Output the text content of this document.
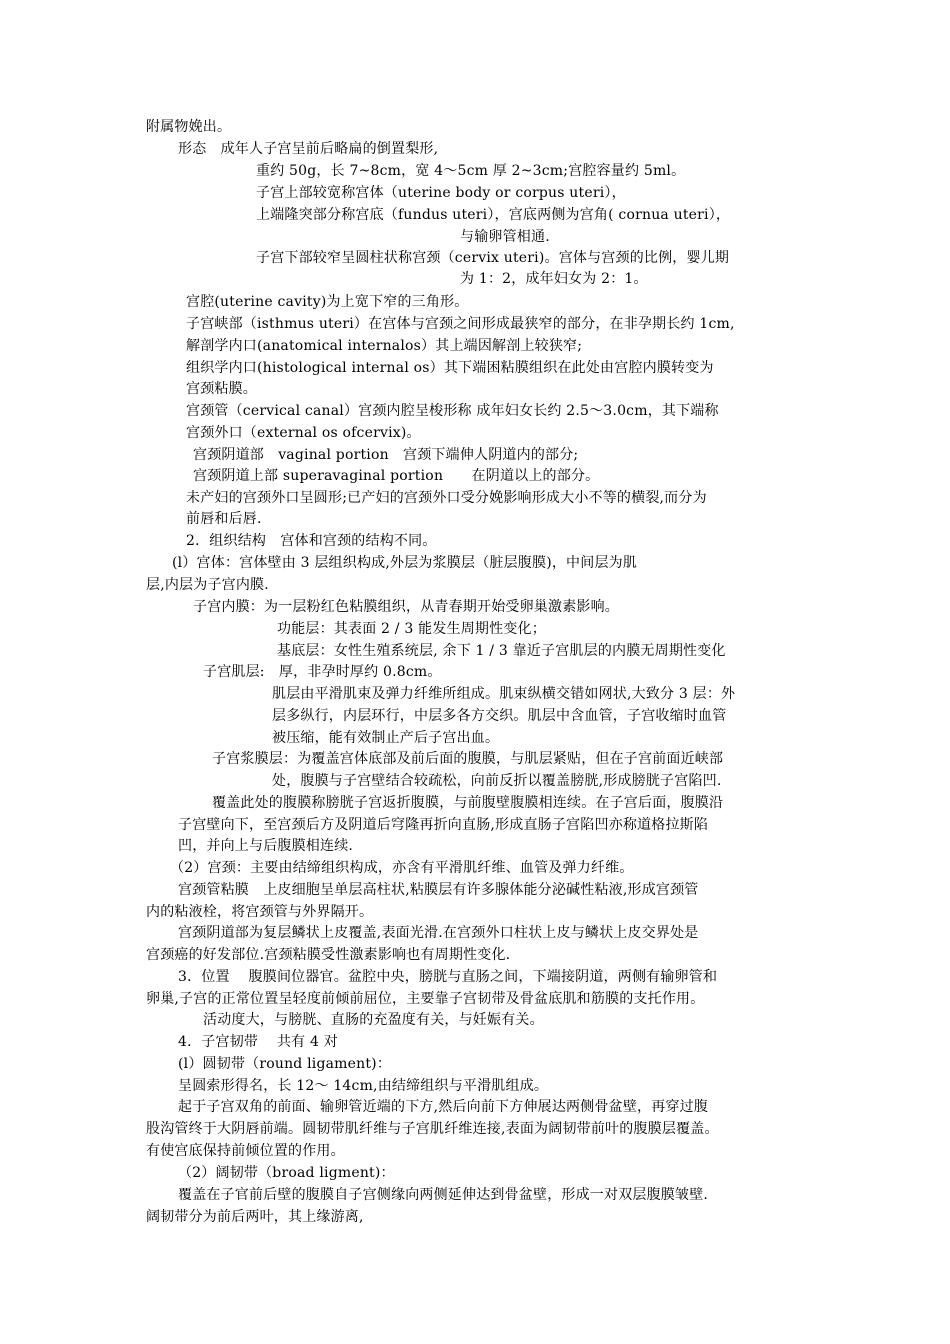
附属物娩出。
形态　成年人子宫呈前后略扁的倒置梨形,
重约 50g，长 7~8cm，宽 4～5cm 厚 2~3cm;宫腔容量约 5ml。
子宫上部较宽称宫体（uterine body or corpus uteri），
上端隆突部分称宫底（fundus uteri），宫底两侧为宫角( cornua uteri），
与输卵管相通.
子宫下部较窄呈圆柱状称宫颈（cervix uteri)。宫体与宫颈的比例，婴儿期
为 1：2，成年妇女为 2：1。
宫腔(uterine cavity)为上宽下窄的三角形。
子宫峡部（isthmus uteri）在宫体与宫颈之间形成最狭窄的部分，在非孕期长约 1cm,
解剖学内口(anatomical internalos）其上端因解剖上较狭窄;
组织学内口(histological internal os）其下端困粘膜组织在此处由宫腔内膜转变为
宫颈粘膜。
宫颈管（cervical canal）宫颈内腔呈梭形称 成年妇女长约 2.5～3.0cm，其下端称
宫颈外口（external os ofcervix)。
宫颈阴道部　vaginal portion　宫颈下端伸人阴道内的部分;
宫颈阴道上部 superavaginal portion　　在阴道以上的部分。
未产妇的宫颈外口呈圆形;已产妇的宫颈外口受分娩影响形成大小不等的横裂,而分为
前唇和后唇.
2．组织结构　宫体和宫颈的结构不同。
(l）宫体：宫体壁由 3 层组织构成,外层为浆膜层（脏层腹膜)，中间层为肌
层,内层为子宫内膜.
子宫内膜：为一层粉红色粘膜组织，从青春期开始受卵巢激素影响。
功能层：其表面 2 / 3 能发生周期性变化；
基底层：女性生殖系统层, 余下 1 / 3 靠近子宫肌层的内膜无周期性变化
子宫肌层:　厚，非孕时厚约 0.8cm。
肌层由平滑肌束及弹力纤维所组成。肌束纵横交错如网状,大致分 3 层：外
层多纵行，内层环行，中层多各方交织。肌层中含血管，子宫收缩时血管
被压缩，能有效制止产后子宫出血。
子宫浆膜层：为覆盖宫体底部及前后面的腹膜，与肌层紧贴，但在子宫前面近峡部
处，腹膜与子宫壁结合较疏松，向前反折以覆盖膀胱,形成膀胱子宫陷凹.
覆盖此处的腹膜称膀胱子宫返折腹膜，与前腹壁腹膜相连续。在子宫后面，腹膜沿
子宫壁向下，至宫颈后方及阴道后穹隆再折向直肠,形成直肠子宫陷凹亦称道格拉斯陷
凹，并向上与后腹膜相连续.
（2）宫颈：主要由结缔组织构成，亦含有平滑肌纤维、血管及弹力纤维。
宫颈管粘膜　上皮细胞呈单层高柱状,粘膜层有许多腺体能分泌碱性粘液,形成宫颈管
内的粘液栓，将宫颈管与外界隔开。
宫颈阴道部为复层鳞状上皮覆盖,表面光滑.在宫颈外口柱状上皮与鳞状上皮交界处是
宫颈癌的好发部位.宫颈粘膜受性激素影响也有周期性变化.
3．位置　 腹膜间位器官。盆腔中央，膀胱与直肠之间，下端接阴道，两侧有输卵管和
卵巢,子宫的正常位置呈轻度前倾前屈位，主要靠子宫韧带及骨盆底肌和筋膜的支托作用。
活动度大，与膀胱、直肠的充盈度有关，与妊娠有关。
4．子宫韧带　 共有 4 对
(l）圆韧带（round ligament)：
呈圆索形得名，长 12～ 14cm,由结缔组织与平滑肌组成。
起于子宫双角的前面、输卵管近端的下方,然后向前下方伸展达两侧骨盆壁，再穿过腹
股沟管终于大阴唇前端。圆韧带肌纤维与子宫肌纤维连接,表面为阔韧带前叶的腹膜层覆盖。
有使宫底保持前倾位置的作用。
（2）阔韧带（broad ligment)：
覆盖在子官前后壁的腹膜自子宫侧缘向两侧延伸达到骨盆壁，形成一对双层腹膜皱壁.
阔韧带分为前后两叶，其上缘游离,
